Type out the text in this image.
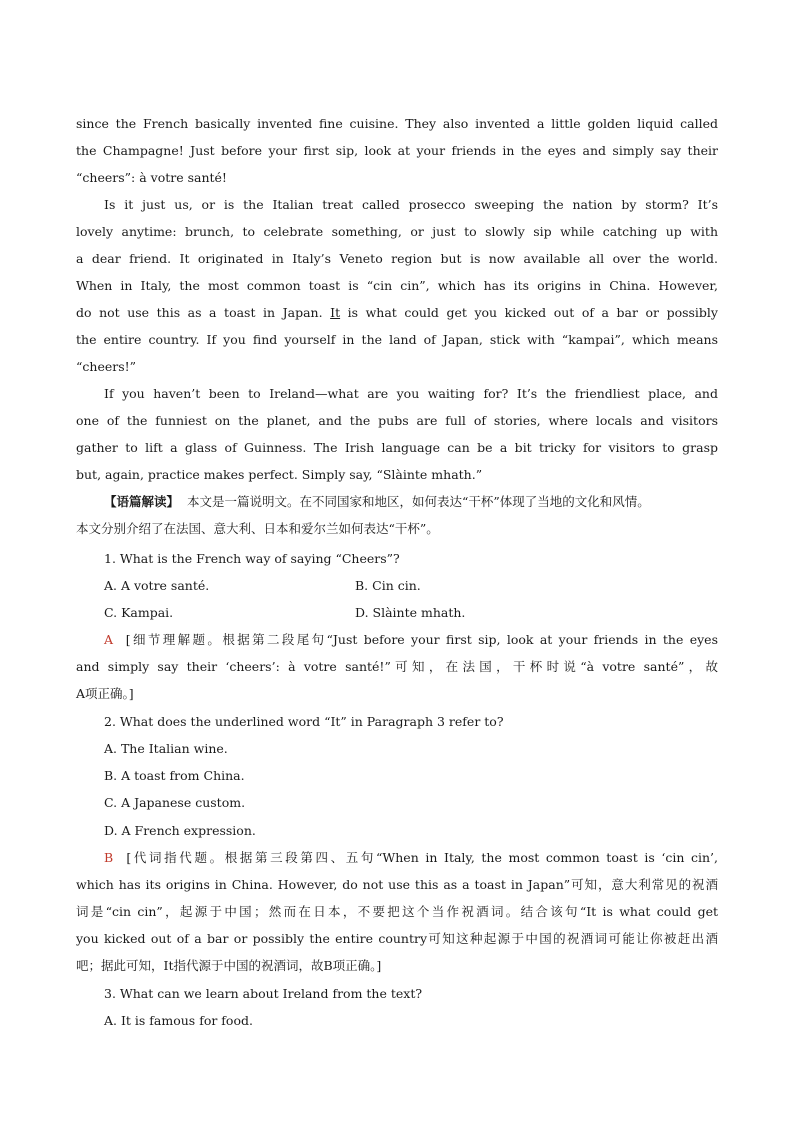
since the French basically invented fine cuisine. They also invented a little golden liquid called
the Champagne! Just before your first sip, look at your friends in the eyes and simply say their
“cheers”: à votre santé!
Is it just us, or is the Italian treat called prosecco sweeping the nation by storm? It’s
lovely anytime: brunch, to celebrate something, or just to slowly sip while catching up with
a dear friend. It originated in Italy’s Veneto region but is now available all over the world.
When in Italy, the most common toast is “cin cin”, which has its origins in China. However,
do not use this as a toast in Japan. It is what could get you kicked out of a bar or possibly
the entire country. If you find yourself in the land of Japan, stick with “kampai”, which means
“cheers!”
If you haven’t been to Ireland—what are you waiting for? It’s the friendliest place, and
one of the funniest on the planet, and the pubs are full of stories, where locals and visitors
gather to lift a glass of Guinness. The Irish language can be a bit tricky for visitors to grasp
but, again, practice makes perfect. Simply say, “Slàinte mhath.”
【语篇解读】 本文是一篇说明文。在不同国家和地区，如何表达“干杯”体现了当地的文化和风情。
本文分别介绍了在法国、意大利、日本和爱尔兰如何表达“干杯”。
1. What is the French way of saying “Cheers”?
A. A votre santé.	B. Cin cin.
C. Kampai.	D. Slàinte mhath.
A [细节理解题。根据第二段尾句“Just before your first sip, look at your friends in the eyes
and simply say their ‘cheers’: à votre santé!”可知，在法国，干杯时说“à votre santé”，故
A项正确。]
2. What does the underlined word “It” in Paragraph 3 refer to?
A. The Italian wine.
B. A toast from China.
C. A Japanese custom.
D. A French expression.
B [代词指代题。根据第三段第四、五句“When in Italy, the most common toast is ‘cin cin’,
which has its origins in China. However, do not use this as a toast in Japan”可知，意大利常见的祝酒
词是“cin cin”，起源于中国；然而在日本，不要把这个当作祝酒词。结合该句“It is what could get
you kicked out of a bar or possibly the entire country可知这种起源于中国的祝酒词可能让你被赶出酒
吧；据此可知，It指代源于中国的祝酒词，故B项正确。]
3. What can we learn about Ireland from the text?
A. It is famous for food.
